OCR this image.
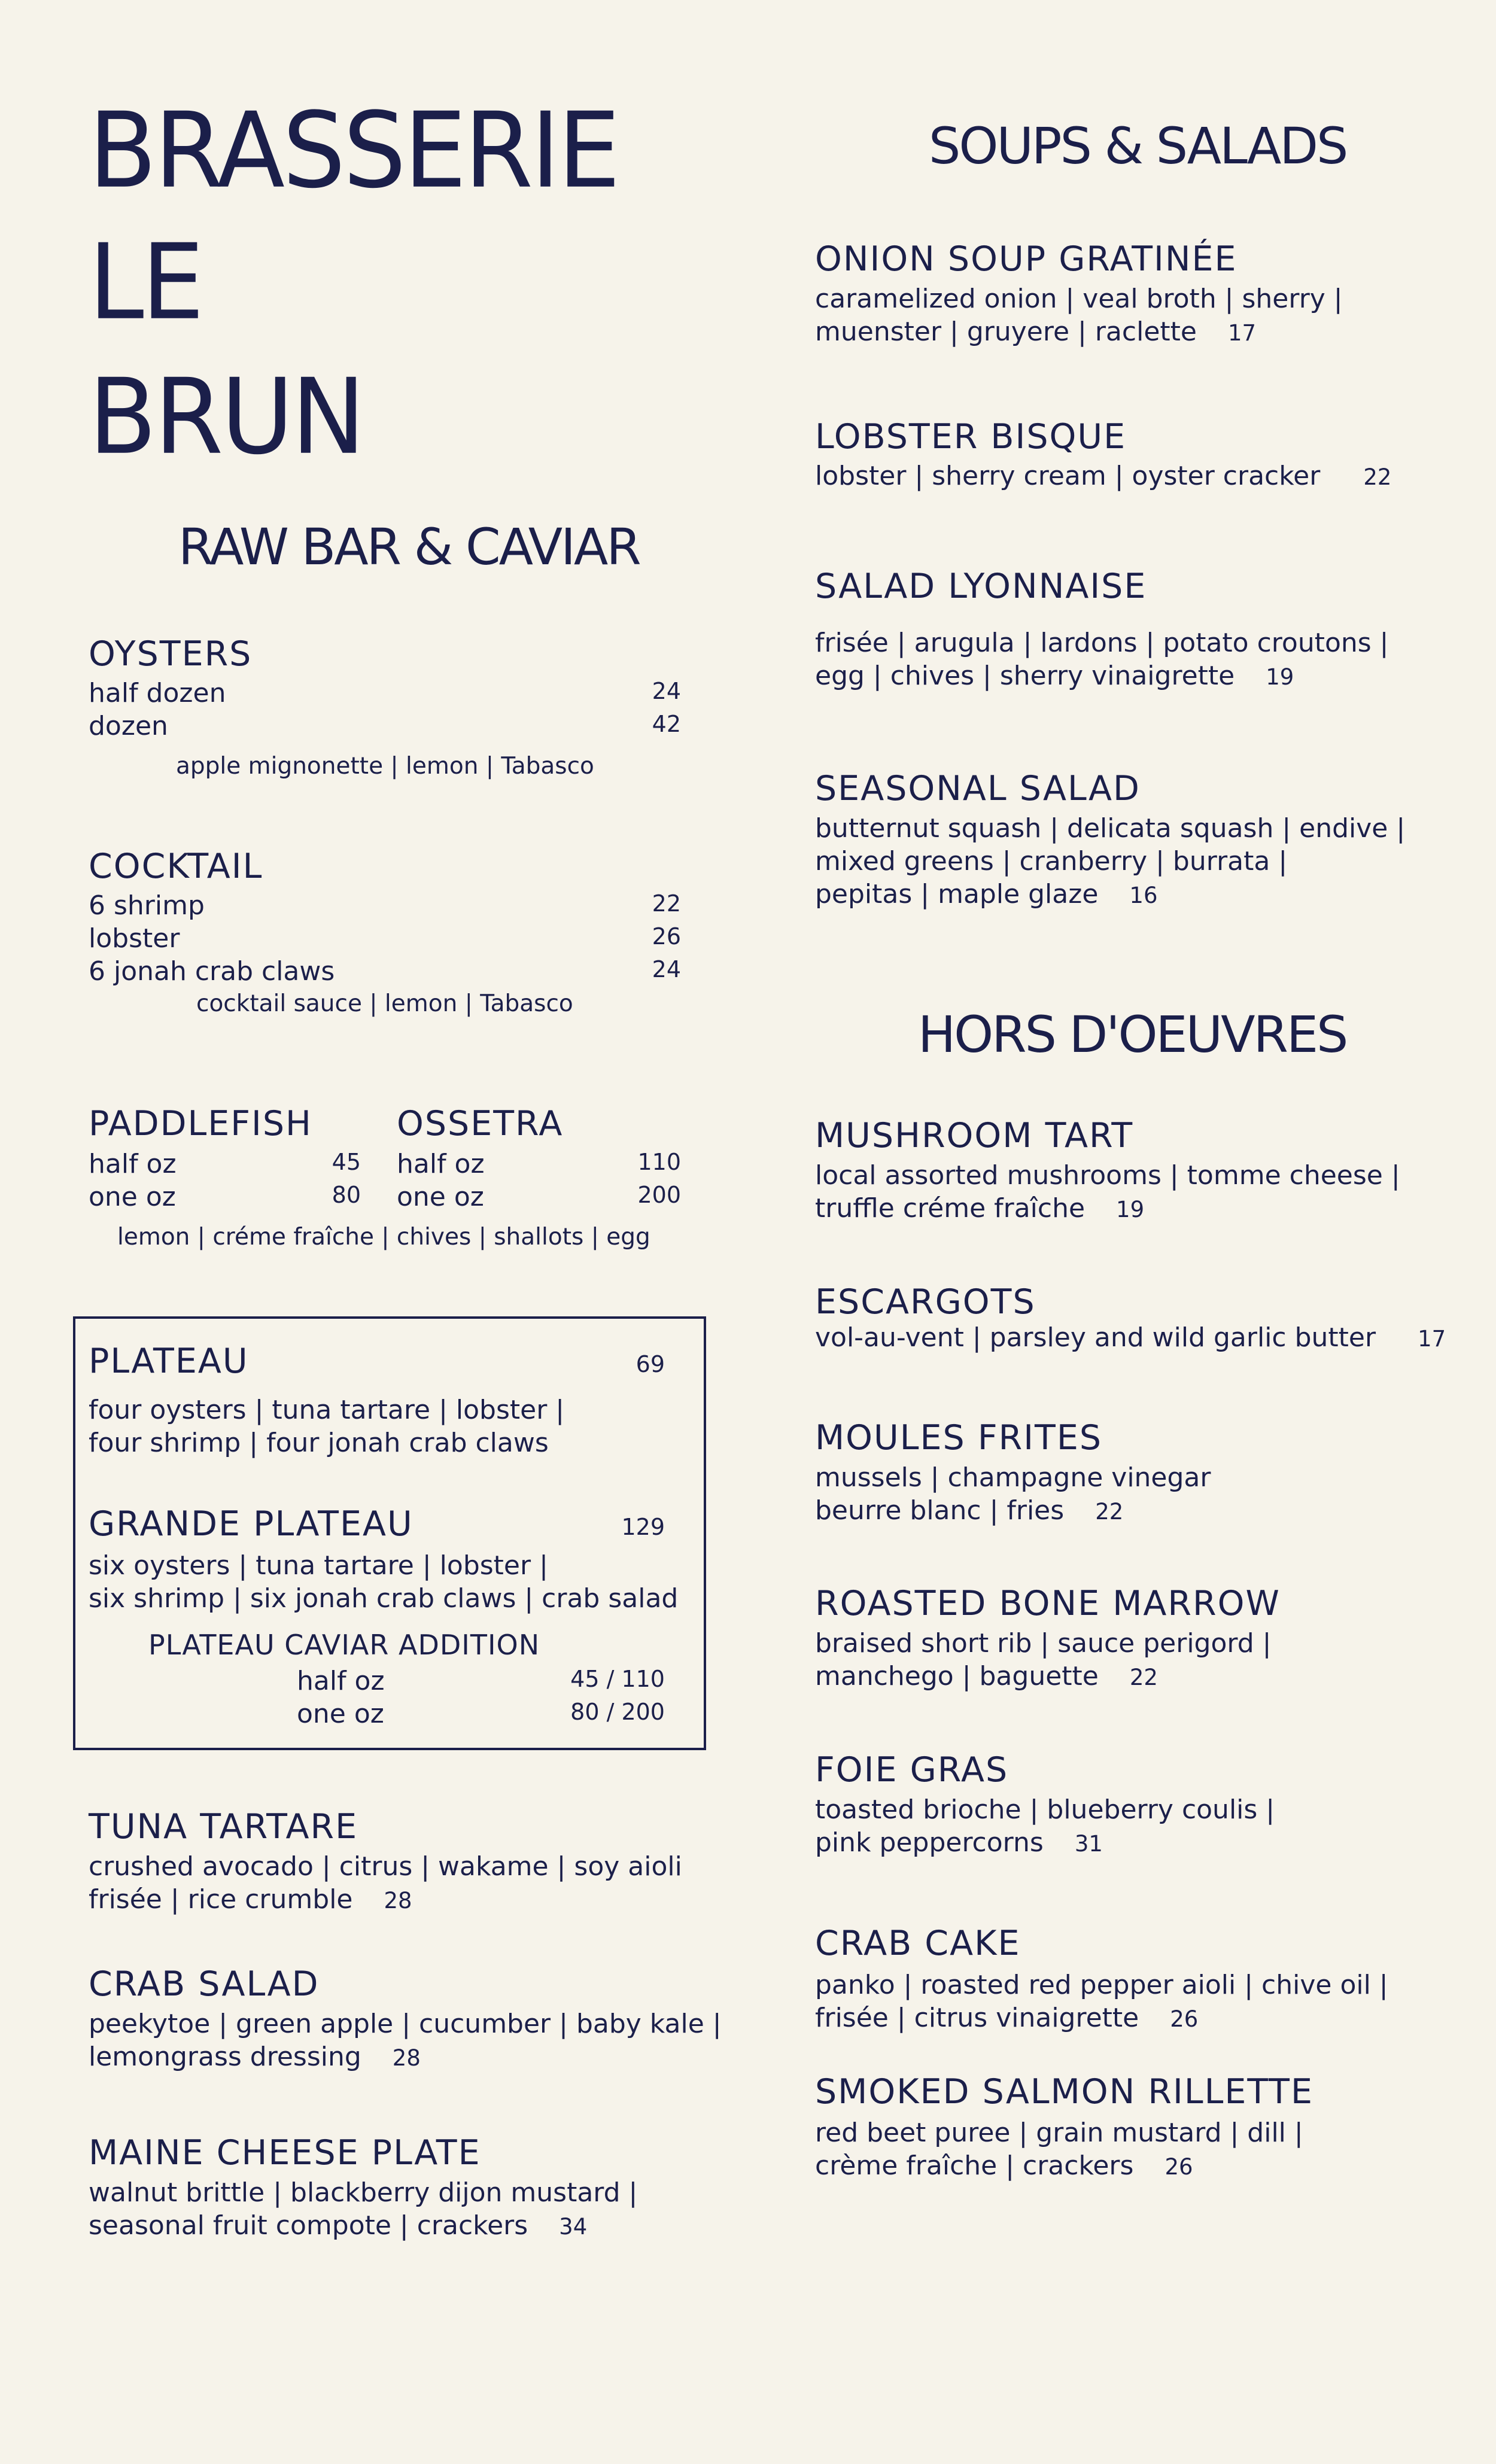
BRASSERIE
LE
BRUN
RAW BAR & CAVIAR
OYSTERS
half dozen	24
dozen	42
apple mignonette | lemon | Tabasco
COCKTAIL
6 shrimp	22
lobster	26
6 jonah crab claws	24
cocktail sauce | lemon | Tabasco
PADDLEFISH
half oz	45
one oz	80
OSSETRA
half oz	110
one oz	200
lemon | créme fraîche | chives | shallots | egg
PLATEAU	69
four oysters | tuna tartare | lobster |
four shrimp | four jonah crab claws
GRANDE PLATEAU	129
six oysters | tuna tartare | lobster |
six shrimp | six jonah crab claws | crab salad
PLATEAU CAVIAR ADDITION
half oz	45 / 110
one oz	80 / 200
TUNA TARTARE
crushed avocado | citrus | wakame | soy aioli
frisée | rice crumble 28
CRAB SALAD
peekytoe | green apple | cucumber | baby kale |
lemongrass dressing 28
MAINE CHEESE PLATE
walnut brittle | blackberry dijon mustard |
seasonal fruit compote | crackers 34
SOUPS & SALADS
ONION SOUP GRATINÉE
caramelized onion | veal broth | sherry |
muenster | gruyere | raclette 17
LOBSTER BISQUE
lobster | sherry cream | oyster cracker 22
SALAD LYONNAISE
frisée | arugula | lardons | potato croutons |
egg | chives | sherry vinaigrette 19
SEASONAL SALAD
butternut squash | delicata squash | endive |
mixed greens | cranberry | burrata |
pepitas | maple glaze 16
HORS D'OEUVRES
MUSHROOM TART
local assorted mushrooms | tomme cheese |
truffle créme fraîche 19
ESCARGOTS
vol-au-vent | parsley and wild garlic butter 17
MOULES FRITES
mussels | champagne vinegar
beurre blanc | fries 22
ROASTED BONE MARROW
braised short rib | sauce perigord |
manchego | baguette 22
FOIE GRAS
toasted brioche | blueberry coulis |
pink peppercorns 31
CRAB CAKE
panko | roasted red pepper aioli | chive oil |
frisée | citrus vinaigrette 26
SMOKED SALMON RILLETTE
red beet puree | grain mustard | dill |
crème fraîche | crackers 26
